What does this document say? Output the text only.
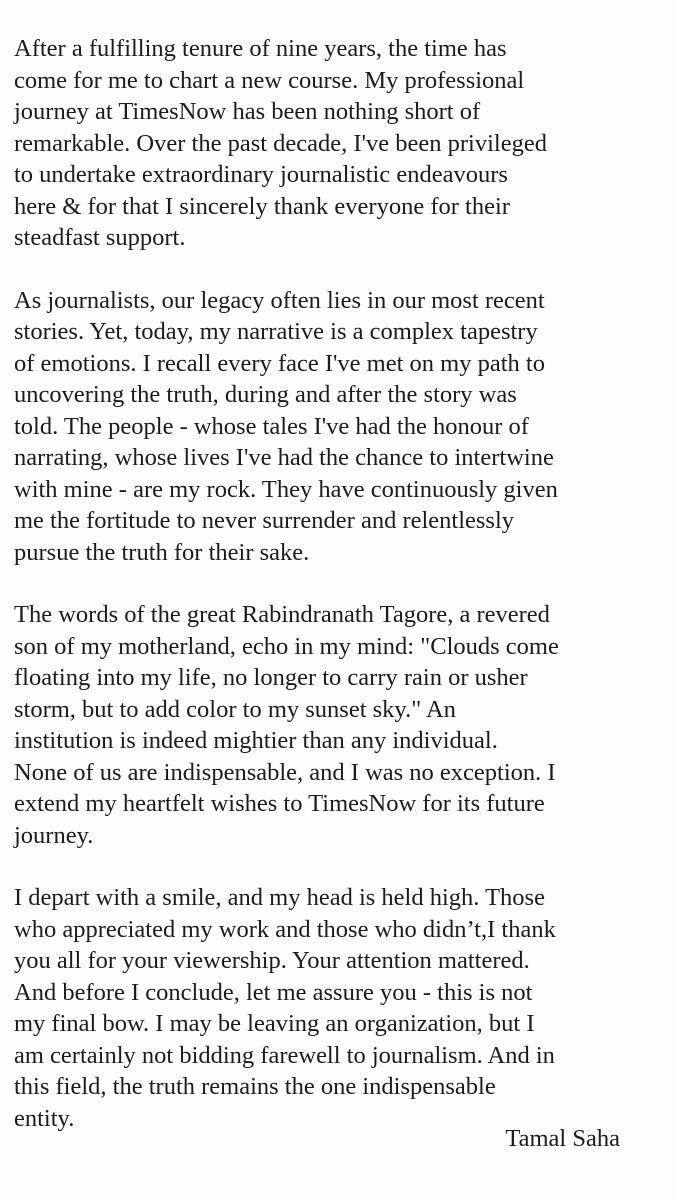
After a fulfilling tenure of nine years, the time has
come for me to chart a new course. My professional
journey at TimesNow has been nothing short of
remarkable. Over the past decade, I've been privileged
to undertake extraordinary journalistic endeavours
here & for that I sincerely thank everyone for their
steadfast support.

As journalists, our legacy often lies in our most recent
stories. Yet, today, my narrative is a complex tapestry
of emotions. I recall every face I've met on my path to
uncovering the truth, during and after the story was
told. The people - whose tales I've had the honour of
narrating, whose lives I've had the chance to intertwine
with mine - are my rock. They have continuously given
me the fortitude to never surrender and relentlessly
pursue the truth for their sake.

The words of the great Rabindranath Tagore, a revered
son of my motherland, echo in my mind: "Clouds come
floating into my life, no longer to carry rain or usher
storm, but to add color to my sunset sky." An
institution is indeed mightier than any individual.
None of us are indispensable, and I was no exception. I
extend my heartfelt wishes to TimesNow for its future
journey.

I depart with a smile, and my head is held high. Those
who appreciated my work and those who didn’t,I thank
you all for your viewership. Your attention mattered.
And before I conclude, let me assure you - this is not
my final bow. I may be leaving an organization, but I
am certainly not bidding farewell to journalism. And in
this field, the truth remains the one indispensable
entity.

Tamal Saha
